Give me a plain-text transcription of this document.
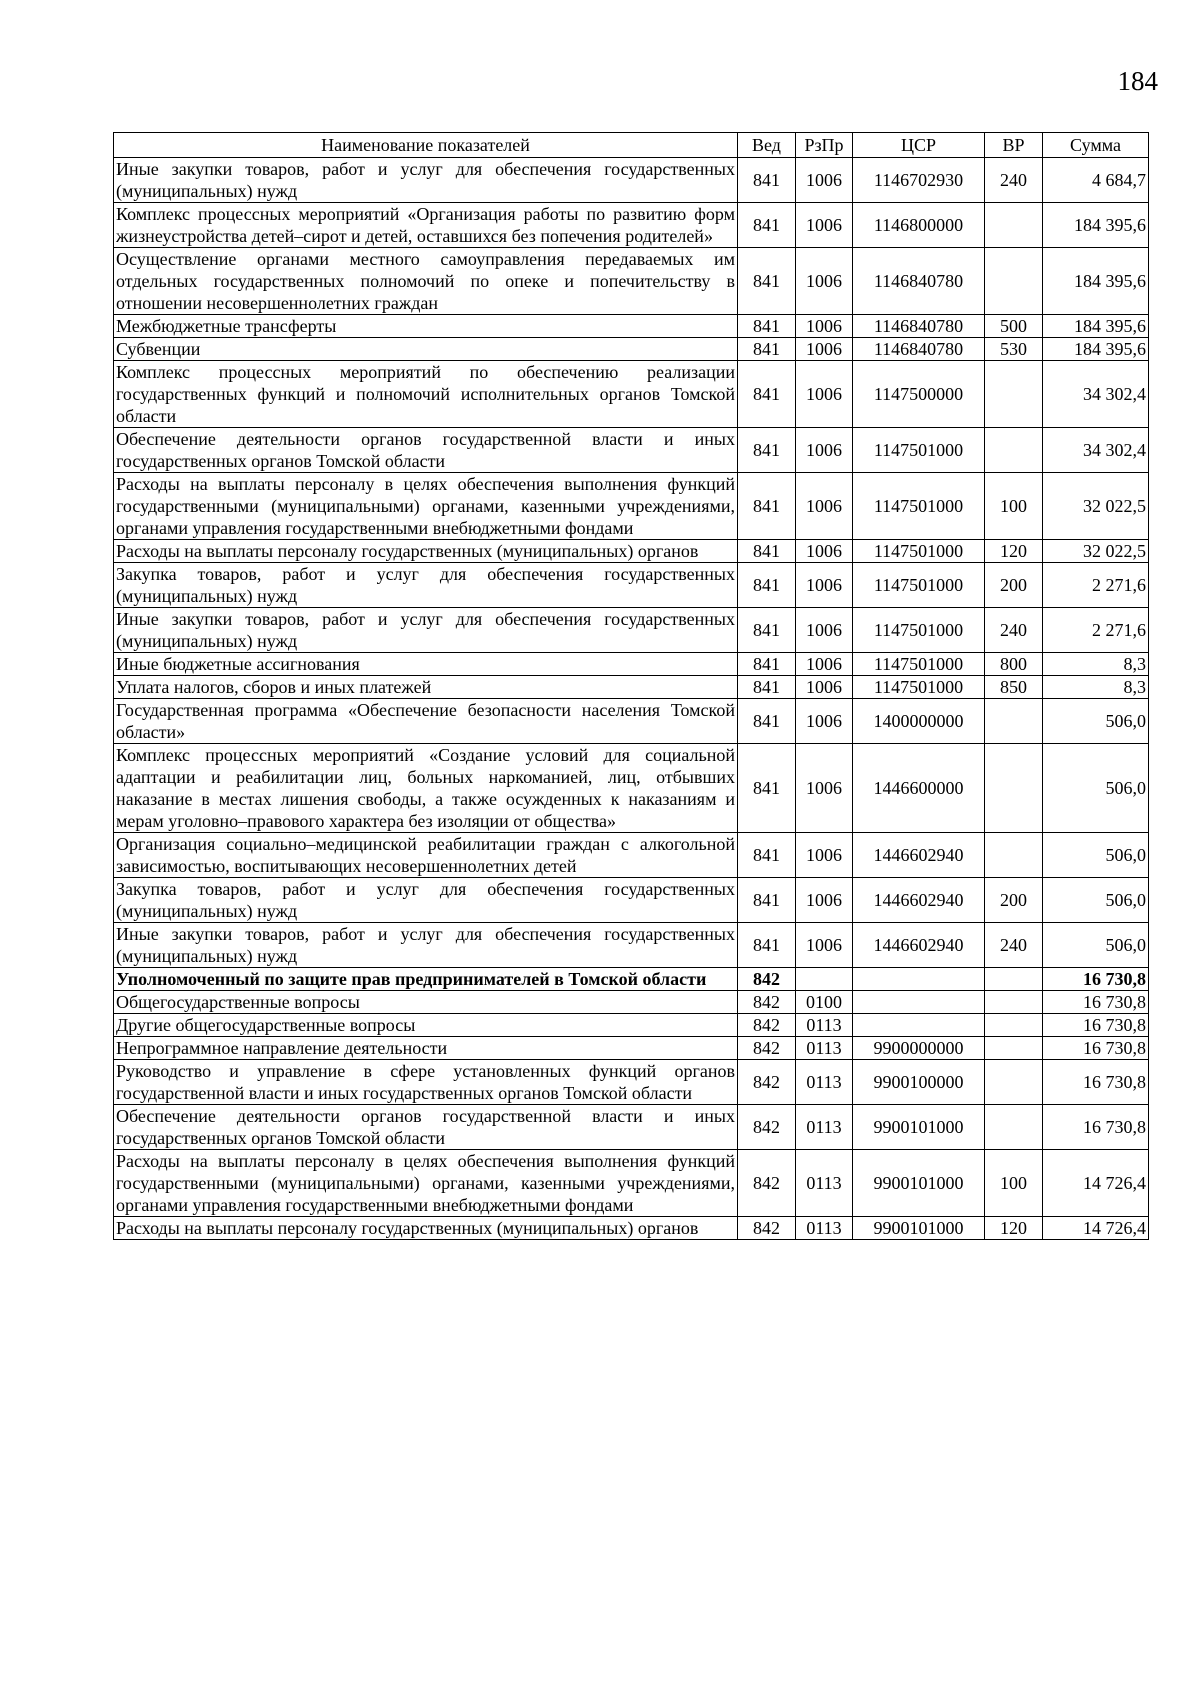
184
Наименование показателей	Вед	РзПр	ЦСР	ВР	Сумма
Иные закупки товаров, работ и услуг для обеспечения государственных (муниципальных) нужд	841	1006	1146702930	240	4 684,7
Комплекс процессных мероприятий «Организация работы по развитию форм жизнеустройства детей–сирот и детей, оставшихся без попечения родителей»	841	1006	1146800000		184 395,6
Осуществление органами местного самоуправления передаваемых им отдельных государственных полномочий по опеке и попечительству в отношении несовершеннолетних граждан	841	1006	1146840780		184 395,6
Межбюджетные трансферты	841	1006	1146840780	500	184 395,6
Субвенции	841	1006	1146840780	530	184 395,6
Комплекс процессных мероприятий по обеспечению реализации государственных функций и полномочий исполнительных органов Томской области	841	1006	1147500000		34 302,4
Обеспечение деятельности органов государственной власти и иных государственных органов Томской области	841	1006	1147501000		34 302,4
Расходы на выплаты персоналу в целях обеспечения выполнения функций государственными (муниципальными) органами, казенными учреждениями, органами управления государственными внебюджетными фондами	841	1006	1147501000	100	32 022,5
Расходы на выплаты персоналу государственных (муниципальных) органов	841	1006	1147501000	120	32 022,5
Закупка товаров, работ и услуг для обеспечения государственных (муниципальных) нужд	841	1006	1147501000	200	2 271,6
Иные закупки товаров, работ и услуг для обеспечения государственных (муниципальных) нужд	841	1006	1147501000	240	2 271,6
Иные бюджетные ассигнования	841	1006	1147501000	800	8,3
Уплата налогов, сборов и иных платежей	841	1006	1147501000	850	8,3
Государственная программа «Обеспечение безопасности населения Томской области»	841	1006	1400000000		506,0
Комплекс процессных мероприятий «Создание условий для социальной адаптации и реабилитации лиц, больных наркоманией, лиц, отбывших наказание в местах лишения свободы, а также осужденных к наказаниям и мерам уголовно–правового характера без изоляции от общества»	841	1006	1446600000		506,0
Организация социально–медицинской реабилитации граждан с алкогольной зависимостью, воспитывающих несовершеннолетних детей	841	1006	1446602940		506,0
Закупка товаров, работ и услуг для обеспечения государственных (муниципальных) нужд	841	1006	1446602940	200	506,0
Иные закупки товаров, работ и услуг для обеспечения государственных (муниципальных) нужд	841	1006	1446602940	240	506,0
Уполномоченный по защите прав предпринимателей в Томской области	842				16 730,8
Общегосударственные вопросы	842	0100			16 730,8
Другие общегосударственные вопросы	842	0113			16 730,8
Непрограммное направление деятельности	842	0113	9900000000		16 730,8
Руководство и управление в сфере установленных функций органов государственной власти и иных государственных органов Томской области	842	0113	9900100000		16 730,8
Обеспечение деятельности органов государственной власти и иных государственных органов Томской области	842	0113	9900101000		16 730,8
Расходы на выплаты персоналу в целях обеспечения выполнения функций государственными (муниципальными) органами, казенными учреждениями, органами управления государственными внебюджетными фондами	842	0113	9900101000	100	14 726,4
Расходы на выплаты персоналу государственных (муниципальных) органов	842	0113	9900101000	120	14 726,4
